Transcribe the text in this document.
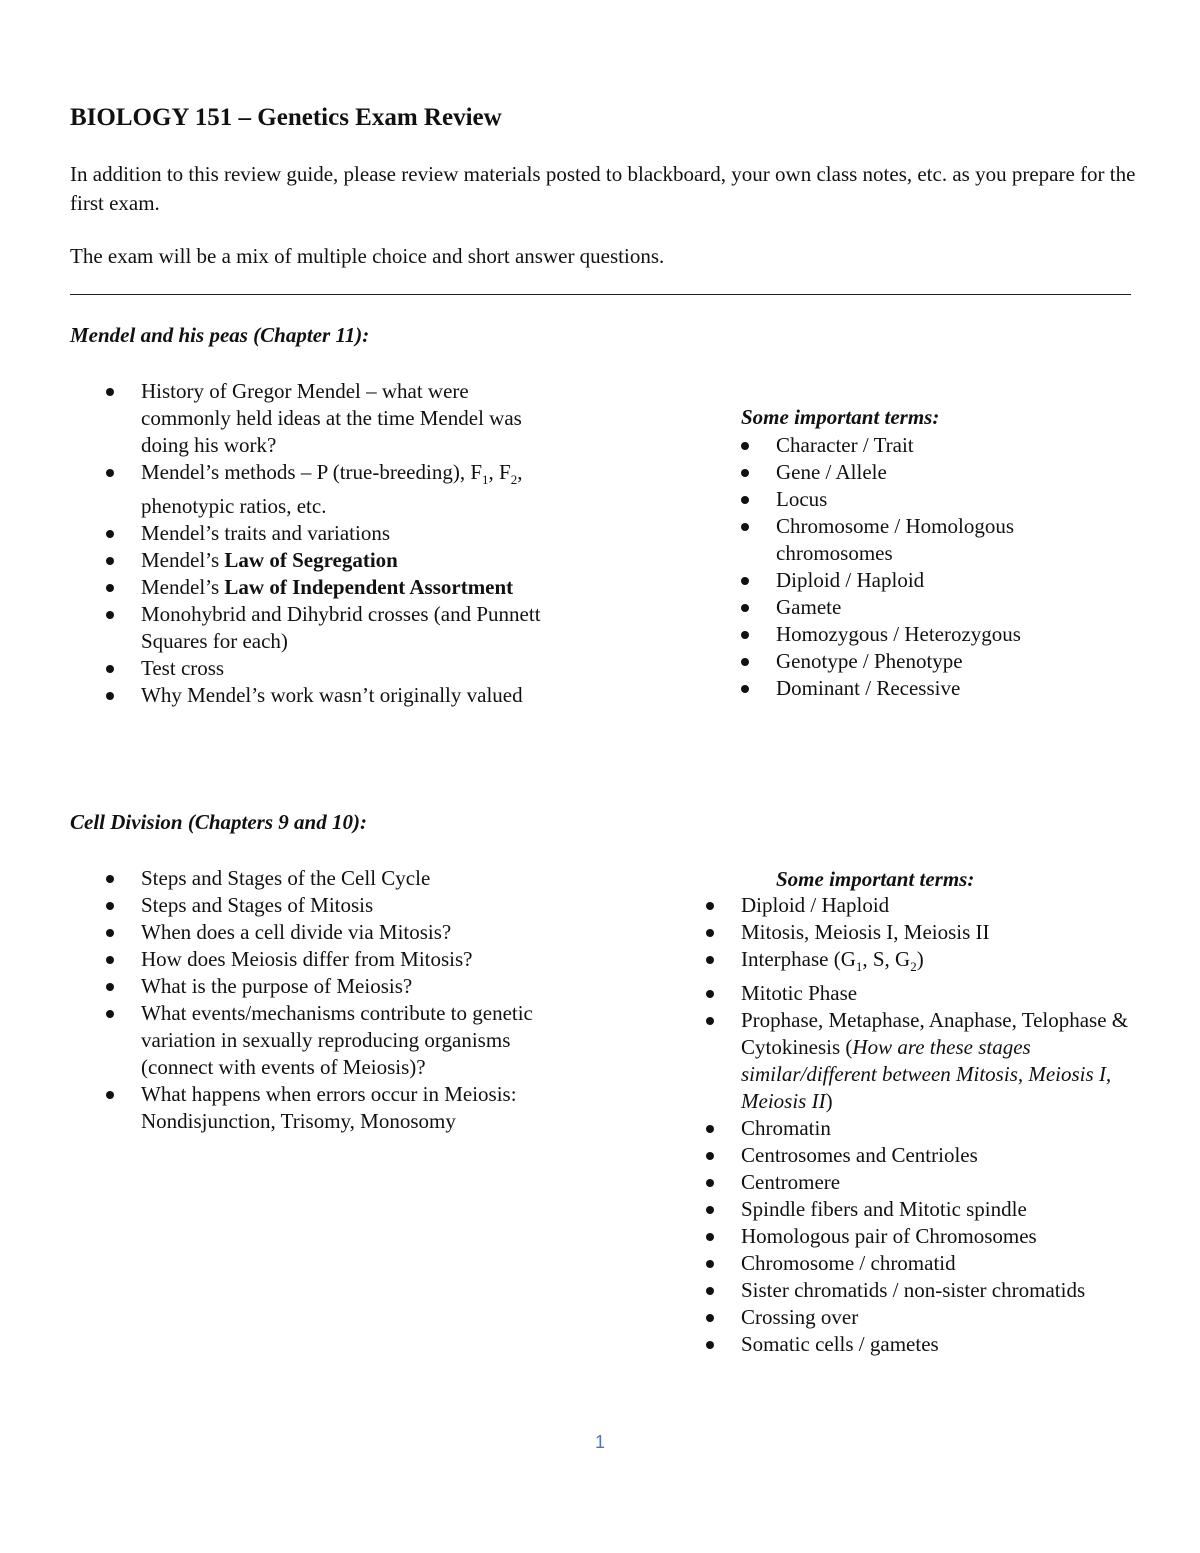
BIOLOGY 151 – Genetics Exam Review

In addition to this review guide, please review materials posted to blackboard, your own class notes, etc. as you prepare for the first exam.

The exam will be a mix of multiple choice and short answer questions.

Mendel and his peas (Chapter 11):
History of Gregor Mendel – what were commonly held ideas at the time Mendel was doing his work?
Mendel’s methods – P (true-breeding), $F_1$, $F_2$, phenotypic ratios, etc.
Mendel’s traits and variations
Mendel’s Law of Segregation
Mendel’s Law of Independent Assortment
Monohybrid and Dihybrid crosses (and Punnett Squares for each)
Test cross
Why Mendel’s work wasn’t originally valued
Some important terms:
Character / Trait
Gene / Allele
Locus
Chromosome / Homologous chromosomes
Diploid / Haploid
Gamete
Homozygous / Heterozygous
Genotype / Phenotype
Dominant / Recessive
Cell Division (Chapters 9 and 10):
Steps and Stages of the Cell Cycle
Steps and Stages of Mitosis
When does a cell divide via Mitosis?
How does Meiosis differ from Mitosis?
What is the purpose of Meiosis?
What events/mechanisms contribute to genetic variation in sexually reproducing organisms (connect with events of Meiosis)?
What happens when errors occur in Meiosis: Nondisjunction, Trisomy, Monosomy
Some important terms:
Diploid / Haploid
Mitosis, Meiosis I, Meiosis II
Interphase ($G_1$, S, $G_2$)
Mitotic Phase
Prophase, Metaphase, Anaphase, Telophase & Cytokinesis (How are these stages similar/different between Mitosis, Meiosis I, Meiosis II)
Chromatin
Centrosomes and Centrioles
Centromere
Spindle fibers and Mitotic spindle
Homologous pair of Chromosomes
Chromosome / chromatid
Sister chromatids / non-sister chromatids
Crossing over
Somatic cells / gametes
1
